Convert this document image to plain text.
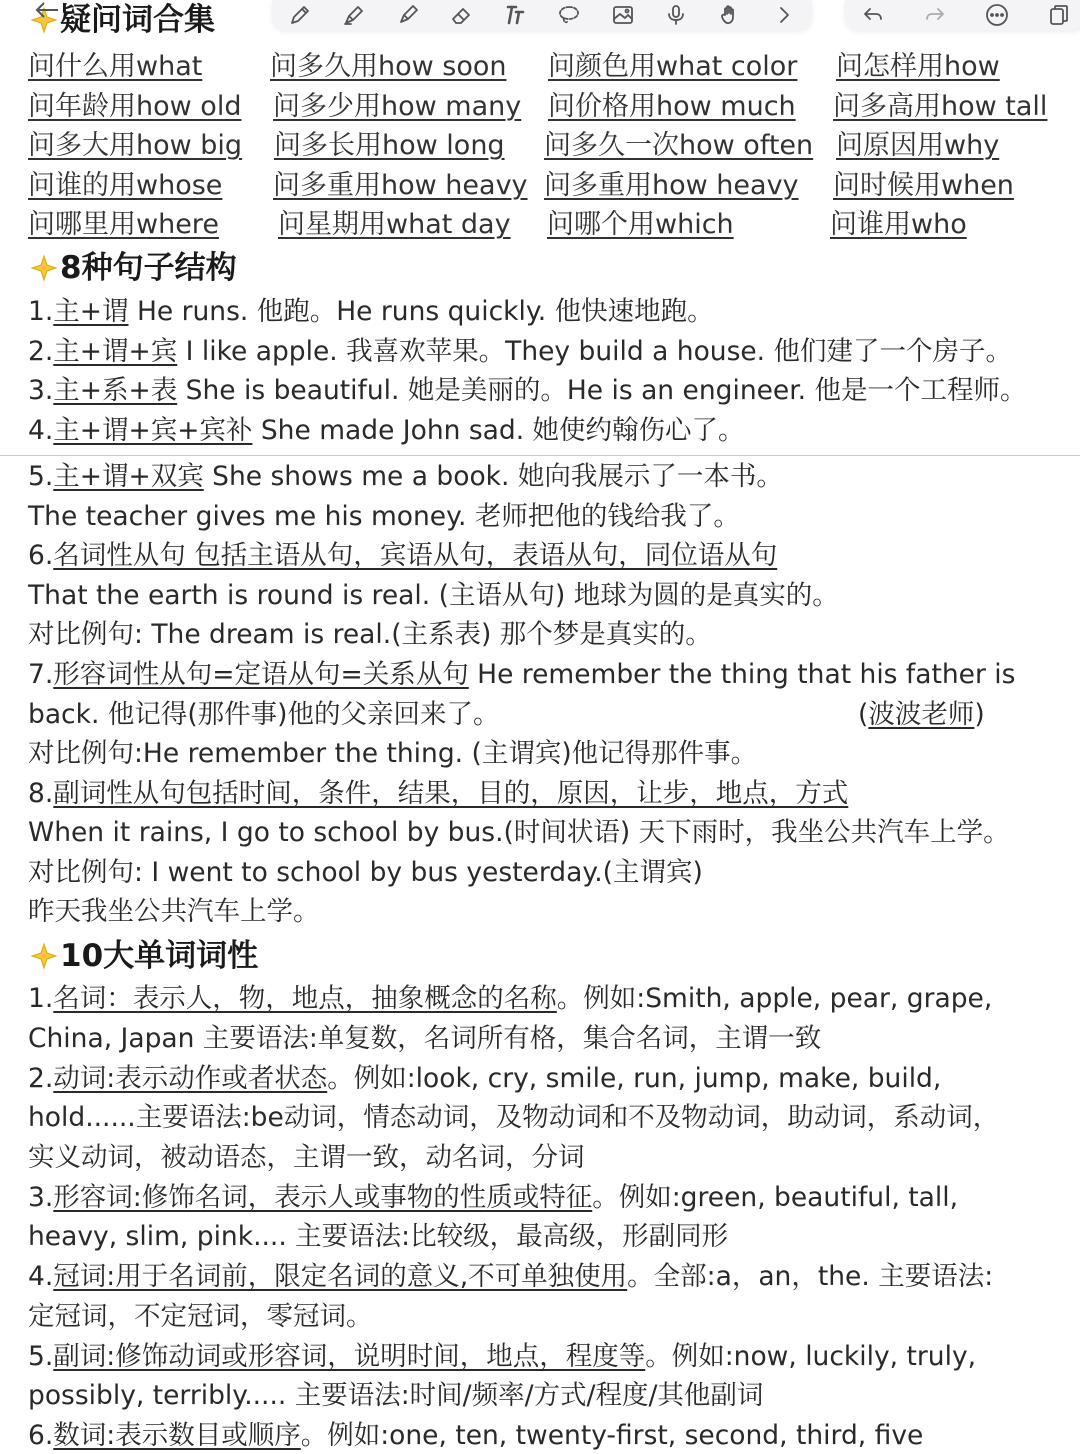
疑问词合集
问什么用what	问多久用how soon 问颜色用what color 问怎样用how
问年龄用how old 问多少用how many 问价格用how much 问多高用how tall
问多大用how big 问多长用how long 问多久一次how often 问原因用why
问谁的用whose 问多重用how heavy 问多重用how heavy 问时候用when
问哪里用where 问星期用what day 问哪个用which	问谁用who
8种句子结构
1.主+谓 He runs. 他跑。He runs quickly. 他快速地跑。
2.主+谓+宾 I like apple. 我喜欢苹果。They build a house. 他们建了一个房子。
3.主+系+表 She is beautiful. 她是美丽的。He is an engineer. 他是一个工程师。
4.主+谓+宾+宾补 She made John sad. 她使约翰伤心了。
5.主+谓+双宾 She shows me a book. 她向我展示了一本书。
The teacher gives me his money. 老师把他的钱给我了。
6.名词性从句 包括主语从句，宾语从句，表语从句，同位语从句
That the earth is round is real. (主语从句) 地球为圆的是真实的。
对比例句: The dream is real.(主系表) 那个梦是真实的。
7.形容词性从句=定语从句=关系从句 He remember the thing that his father is
back. 他记得(那件事)他的父亲回来了。	(波波老师)
对比例句:He remember the thing. (主谓宾)他记得那件事。
8.副词性从句包括时间，条件，结果，目的，原因，让步，地点，方式
When it rains, I go to school by bus.(时间状语) 天下雨时，我坐公共汽车上学。
对比例句: I went to school by bus yesterday.(主谓宾)
昨天我坐公共汽车上学。
10大单词词性
1.名词：表示人，物，地点，抽象概念的名称。例如:Smith, apple, pear, grape,
China, Japan 主要语法:单复数，名词所有格，集合名词，主谓一致
2.动词:表示动作或者状态。例如:look, cry, smile, run, jump, make, build,
hold......主要语法:be动词，情态动词，及物动词和不及物动词，助动词，系动词，
实义动词，被动语态，主谓一致，动名词，分词
3.形容词:修饰名词，表示人或事物的性质或特征。例如:green, beautiful, tall,
heavy, slim, pink.... 主要语法:比较级，最高级，形副同形
4.冠词:用于名词前，限定名词的意义,不可单独使用。全部:a，an，the. 主要语法:
定冠词，不定冠词，零冠词。
5.副词:修饰动词或形容词，说明时间，地点，程度等。例如:now, luckily, truly,
possibly, terribly..... 主要语法:时间/频率/方式/程度/其他副词
6.数词:表示数目或顺序。例如:one, ten, twenty-first, second, third, five
